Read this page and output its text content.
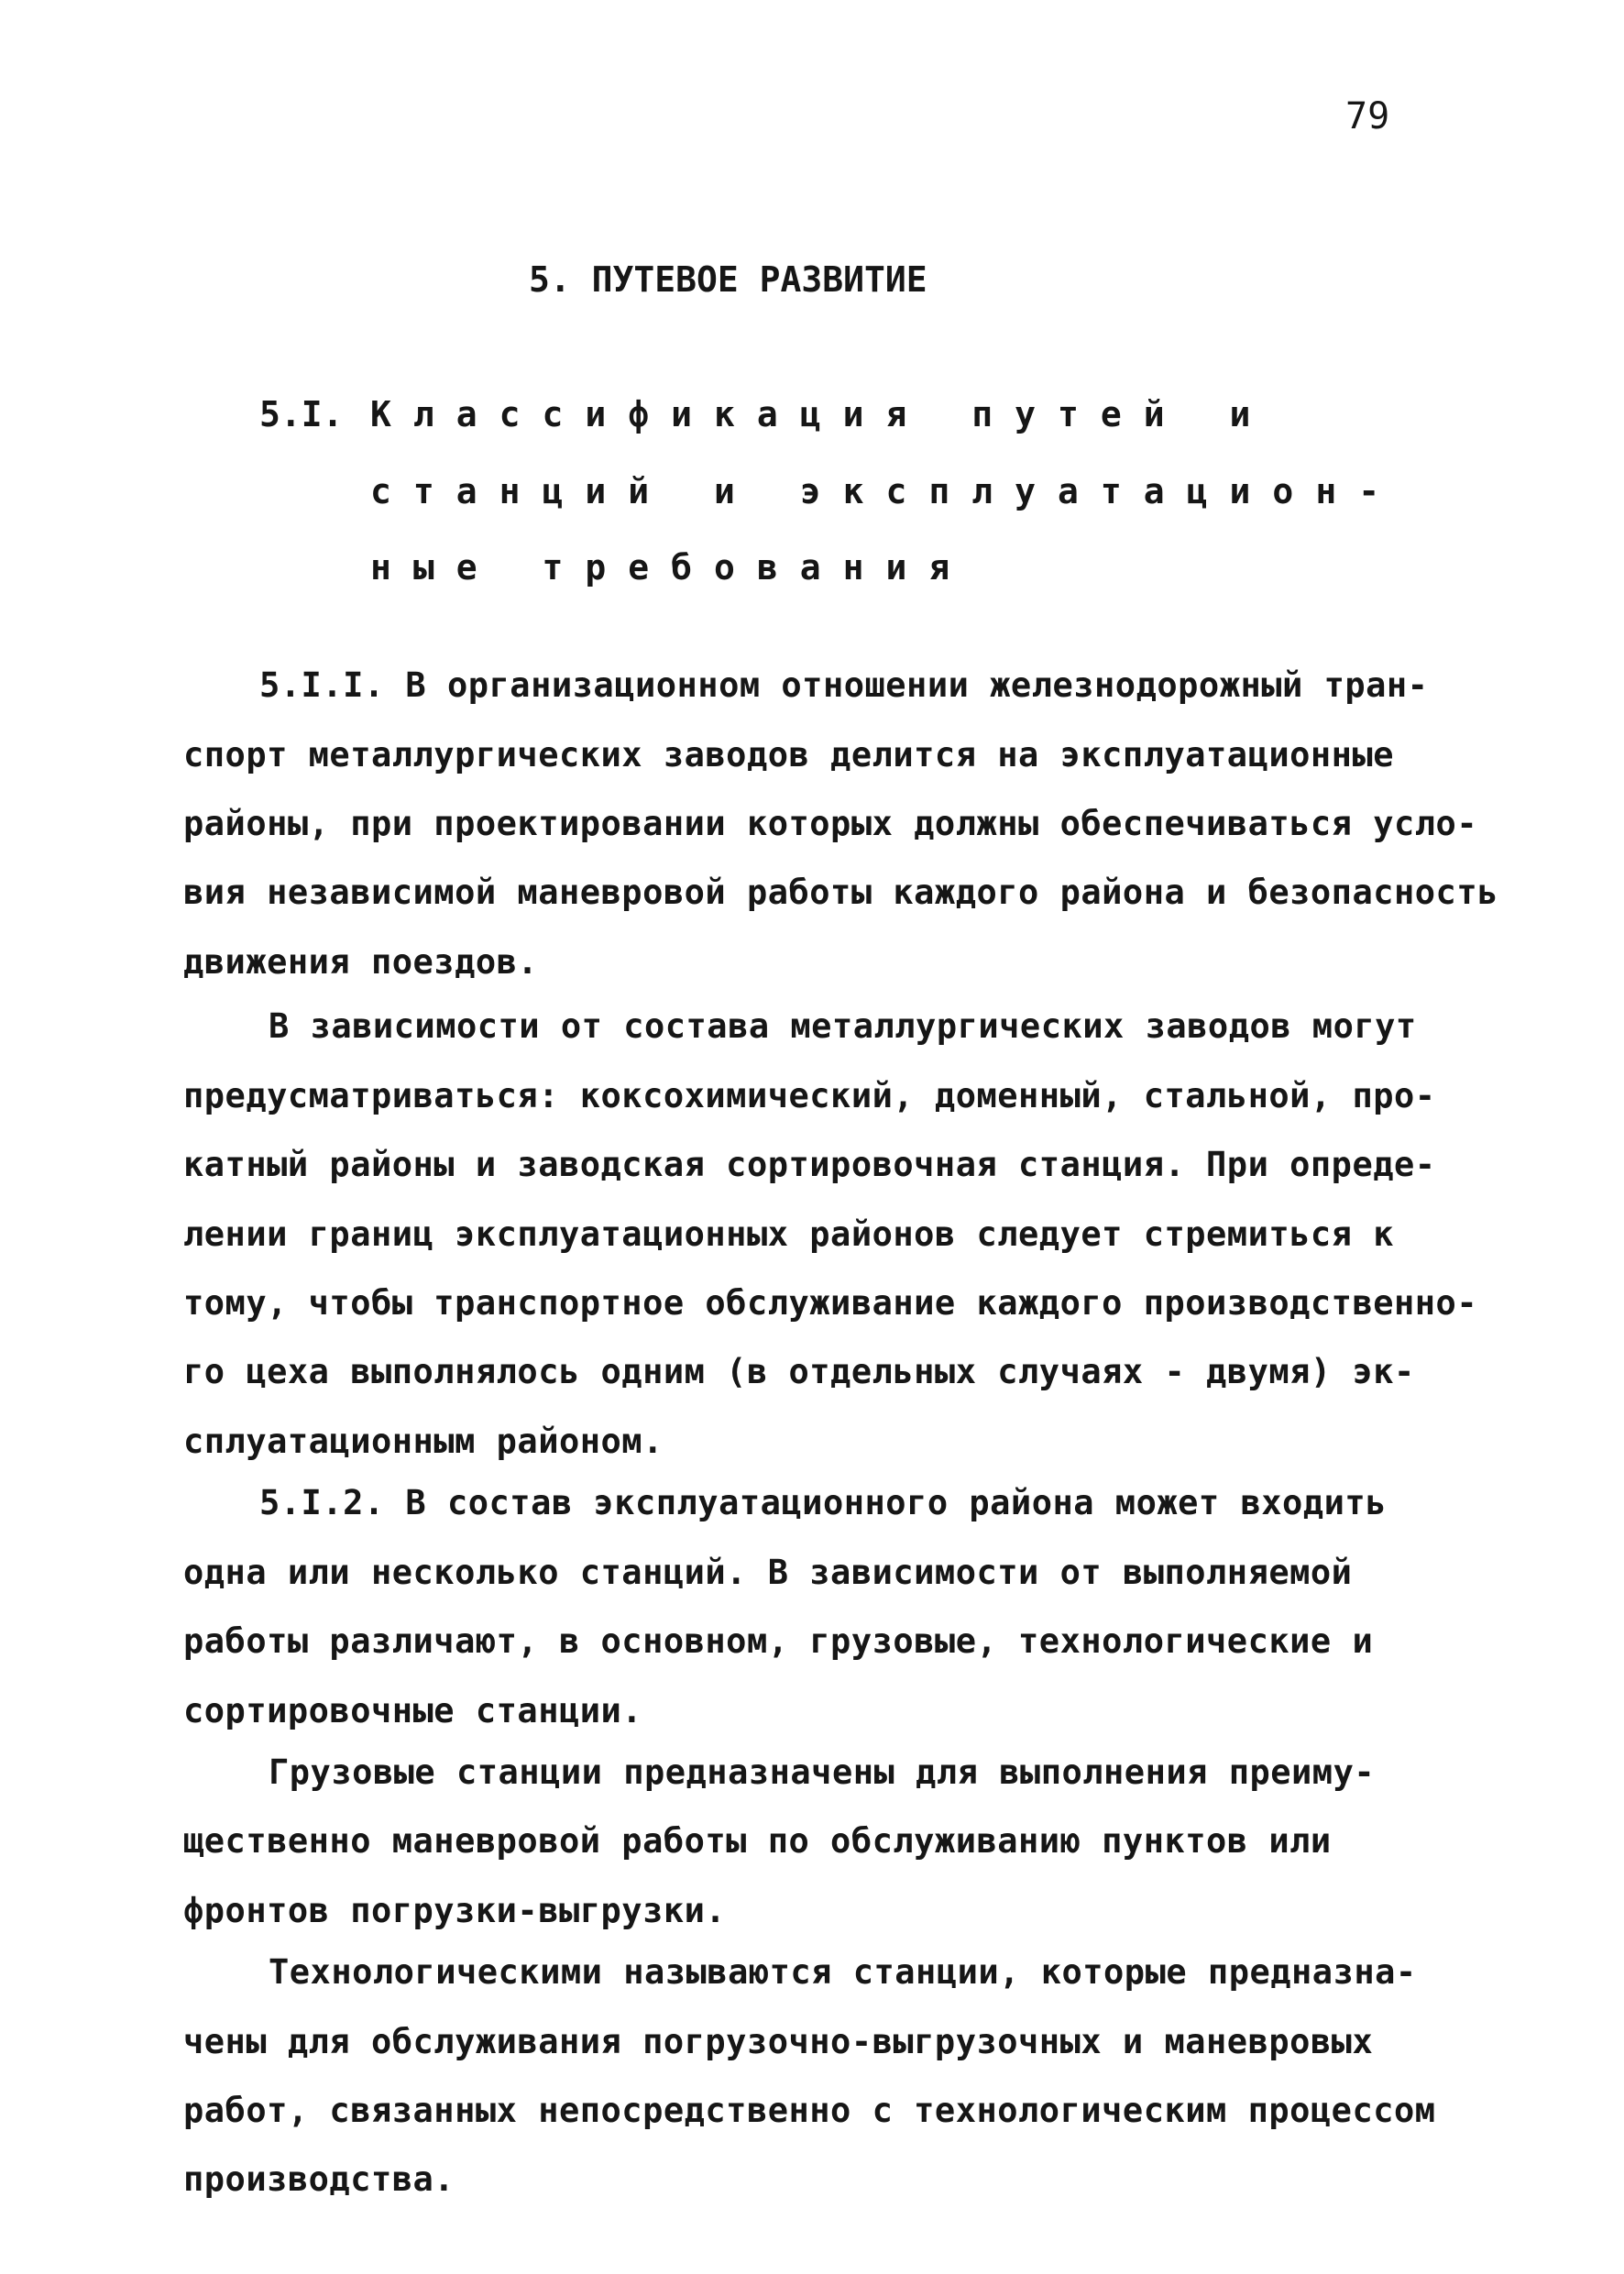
79
5. ПУТЕВОЕ РАЗВИТИЕ
5.I. Классификация путей и
станций и эксплуатацион-
ные требования
5.I.I. В организационном отношении железнодорожный тран-
спорт металлургических заводов делится на эксплуатационные
районы, при проектировании которых должны обеспечиваться усло-
вия независимой маневровой работы каждого района и безопасность
движения поездов.
В зависимости от состава металлургических заводов могут
предусматриваться: коксохимический, доменный, стальной, про-
катный районы и заводская сортировочная станция. При опреде-
лении границ эксплуатационных районов следует стремиться к
тому, чтобы транспортное обслуживание каждого производственно-
го цеха выполнялось одним (в отдельных случаях - двумя) эк-
сплуатационным районом.
5.I.2. В состав эксплуатационного района может входить
одна или несколько станций. В зависимости от выполняемой
работы различают, в основном, грузовые, технологические и
сортировочные станции.
Грузовые станции предназначены для выполнения преиму-
щественно маневровой работы по обслуживанию пунктов или
фронтов погрузки-выгрузки.
Технологическими называются станции, которые предназна-
чены для обслуживания погрузочно-выгрузочных и маневровых
работ, связанных непосредственно с технологическим процессом
производства.
